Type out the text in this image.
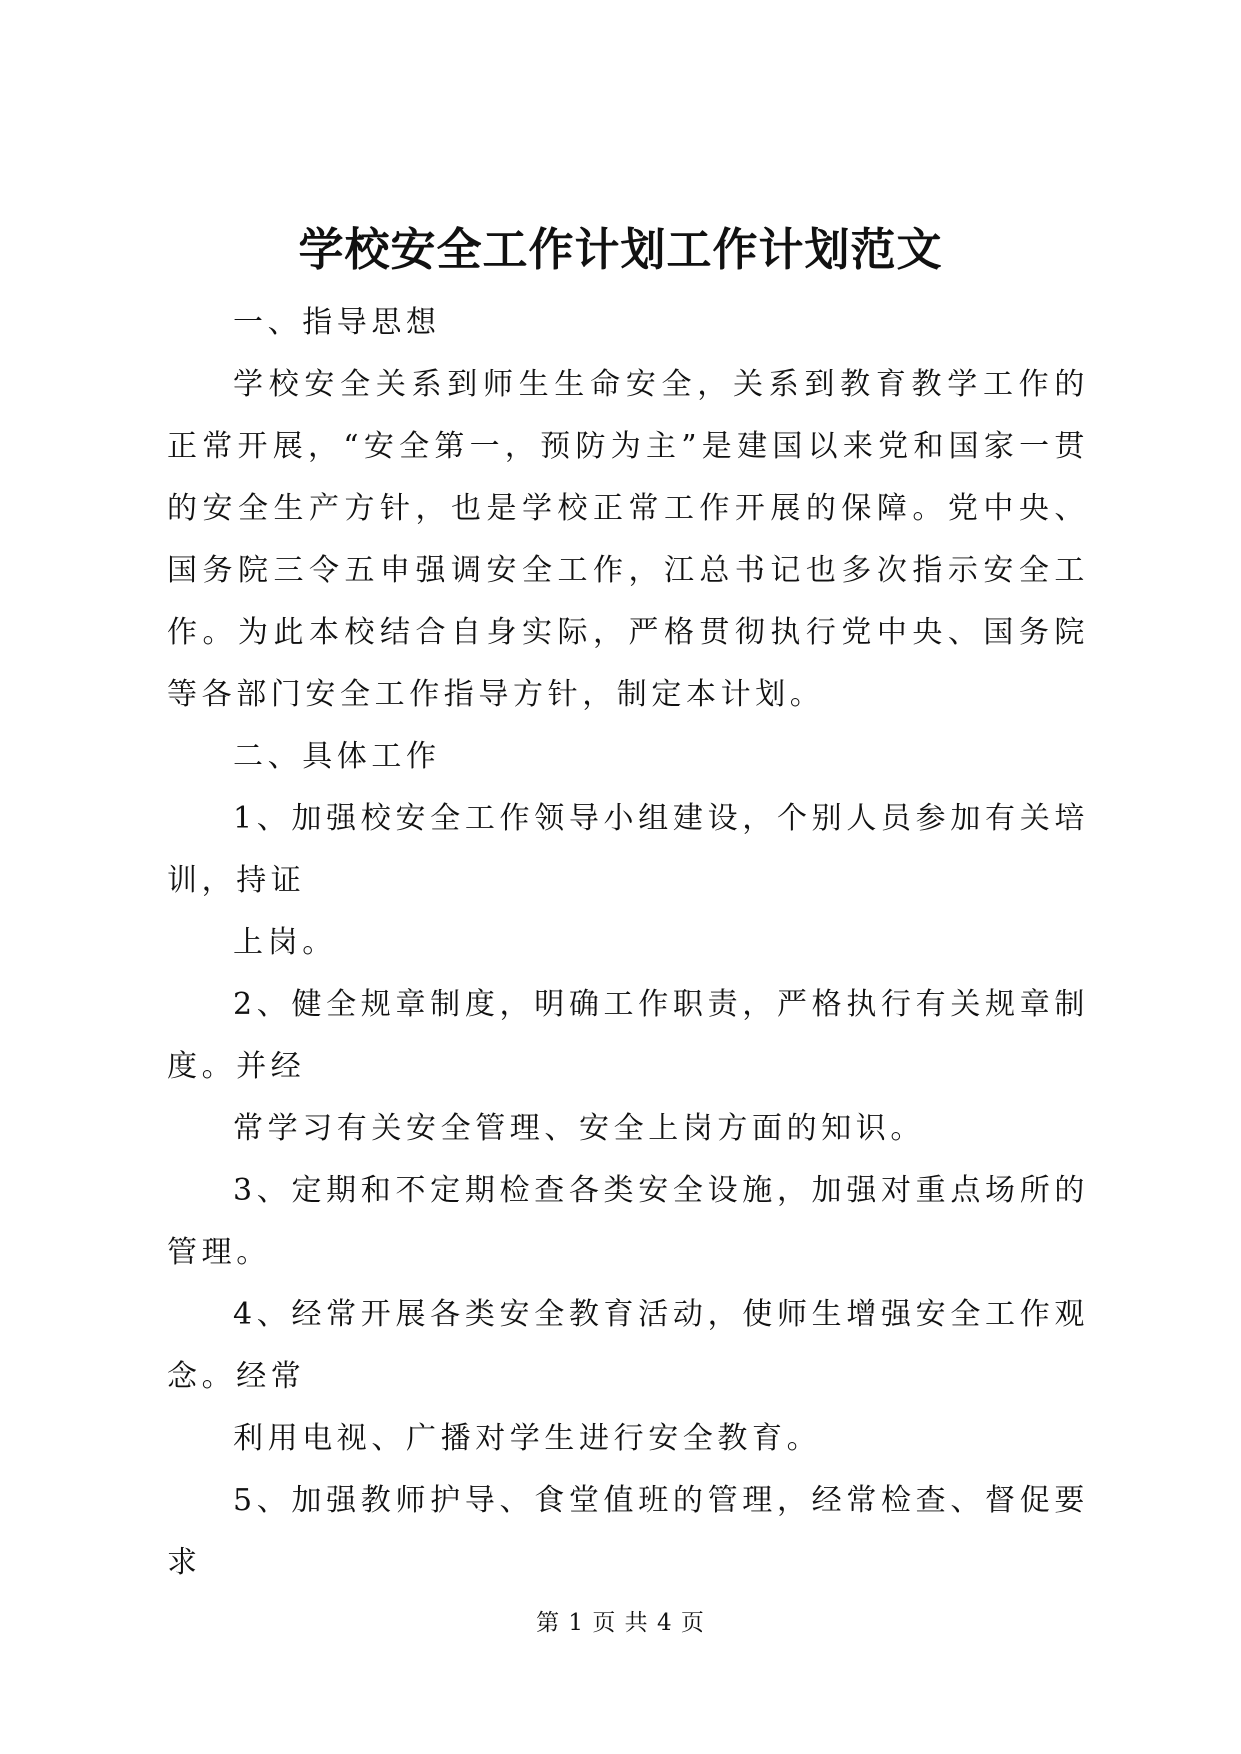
学校安全工作计划工作计划范文

一、指导思想

学校安全关系到师生生命安全，关系到教育教学工作的正常开展，“安全第一，预防为主”是建国以来党和国家一贯的安全生产方针，也是学校正常工作开展的保障。党中央、国务院三令五申强调安全工作，江总书记也多次指示安全工作。为此本校结合自身实际，严格贯彻执行党中央、国务院等各部门安全工作指导方针，制定本计划。

二、具体工作

1、加强校安全工作领导小组建设，个别人员参加有关培训，持证

上岗。

2、健全规章制度，明确工作职责，严格执行有关规章制度。并经

常学习有关安全管理、安全上岗方面的知识。

3、定期和不定期检查各类安全设施，加强对重点场所的管理。

4、经常开展各类安全教育活动，使师生增强安全工作观念。经常

利用电视、广播对学生进行安全教育。

5、加强教师护导、食堂值班的管理，经常检查、督促要求

第 1 页 共 4 页
